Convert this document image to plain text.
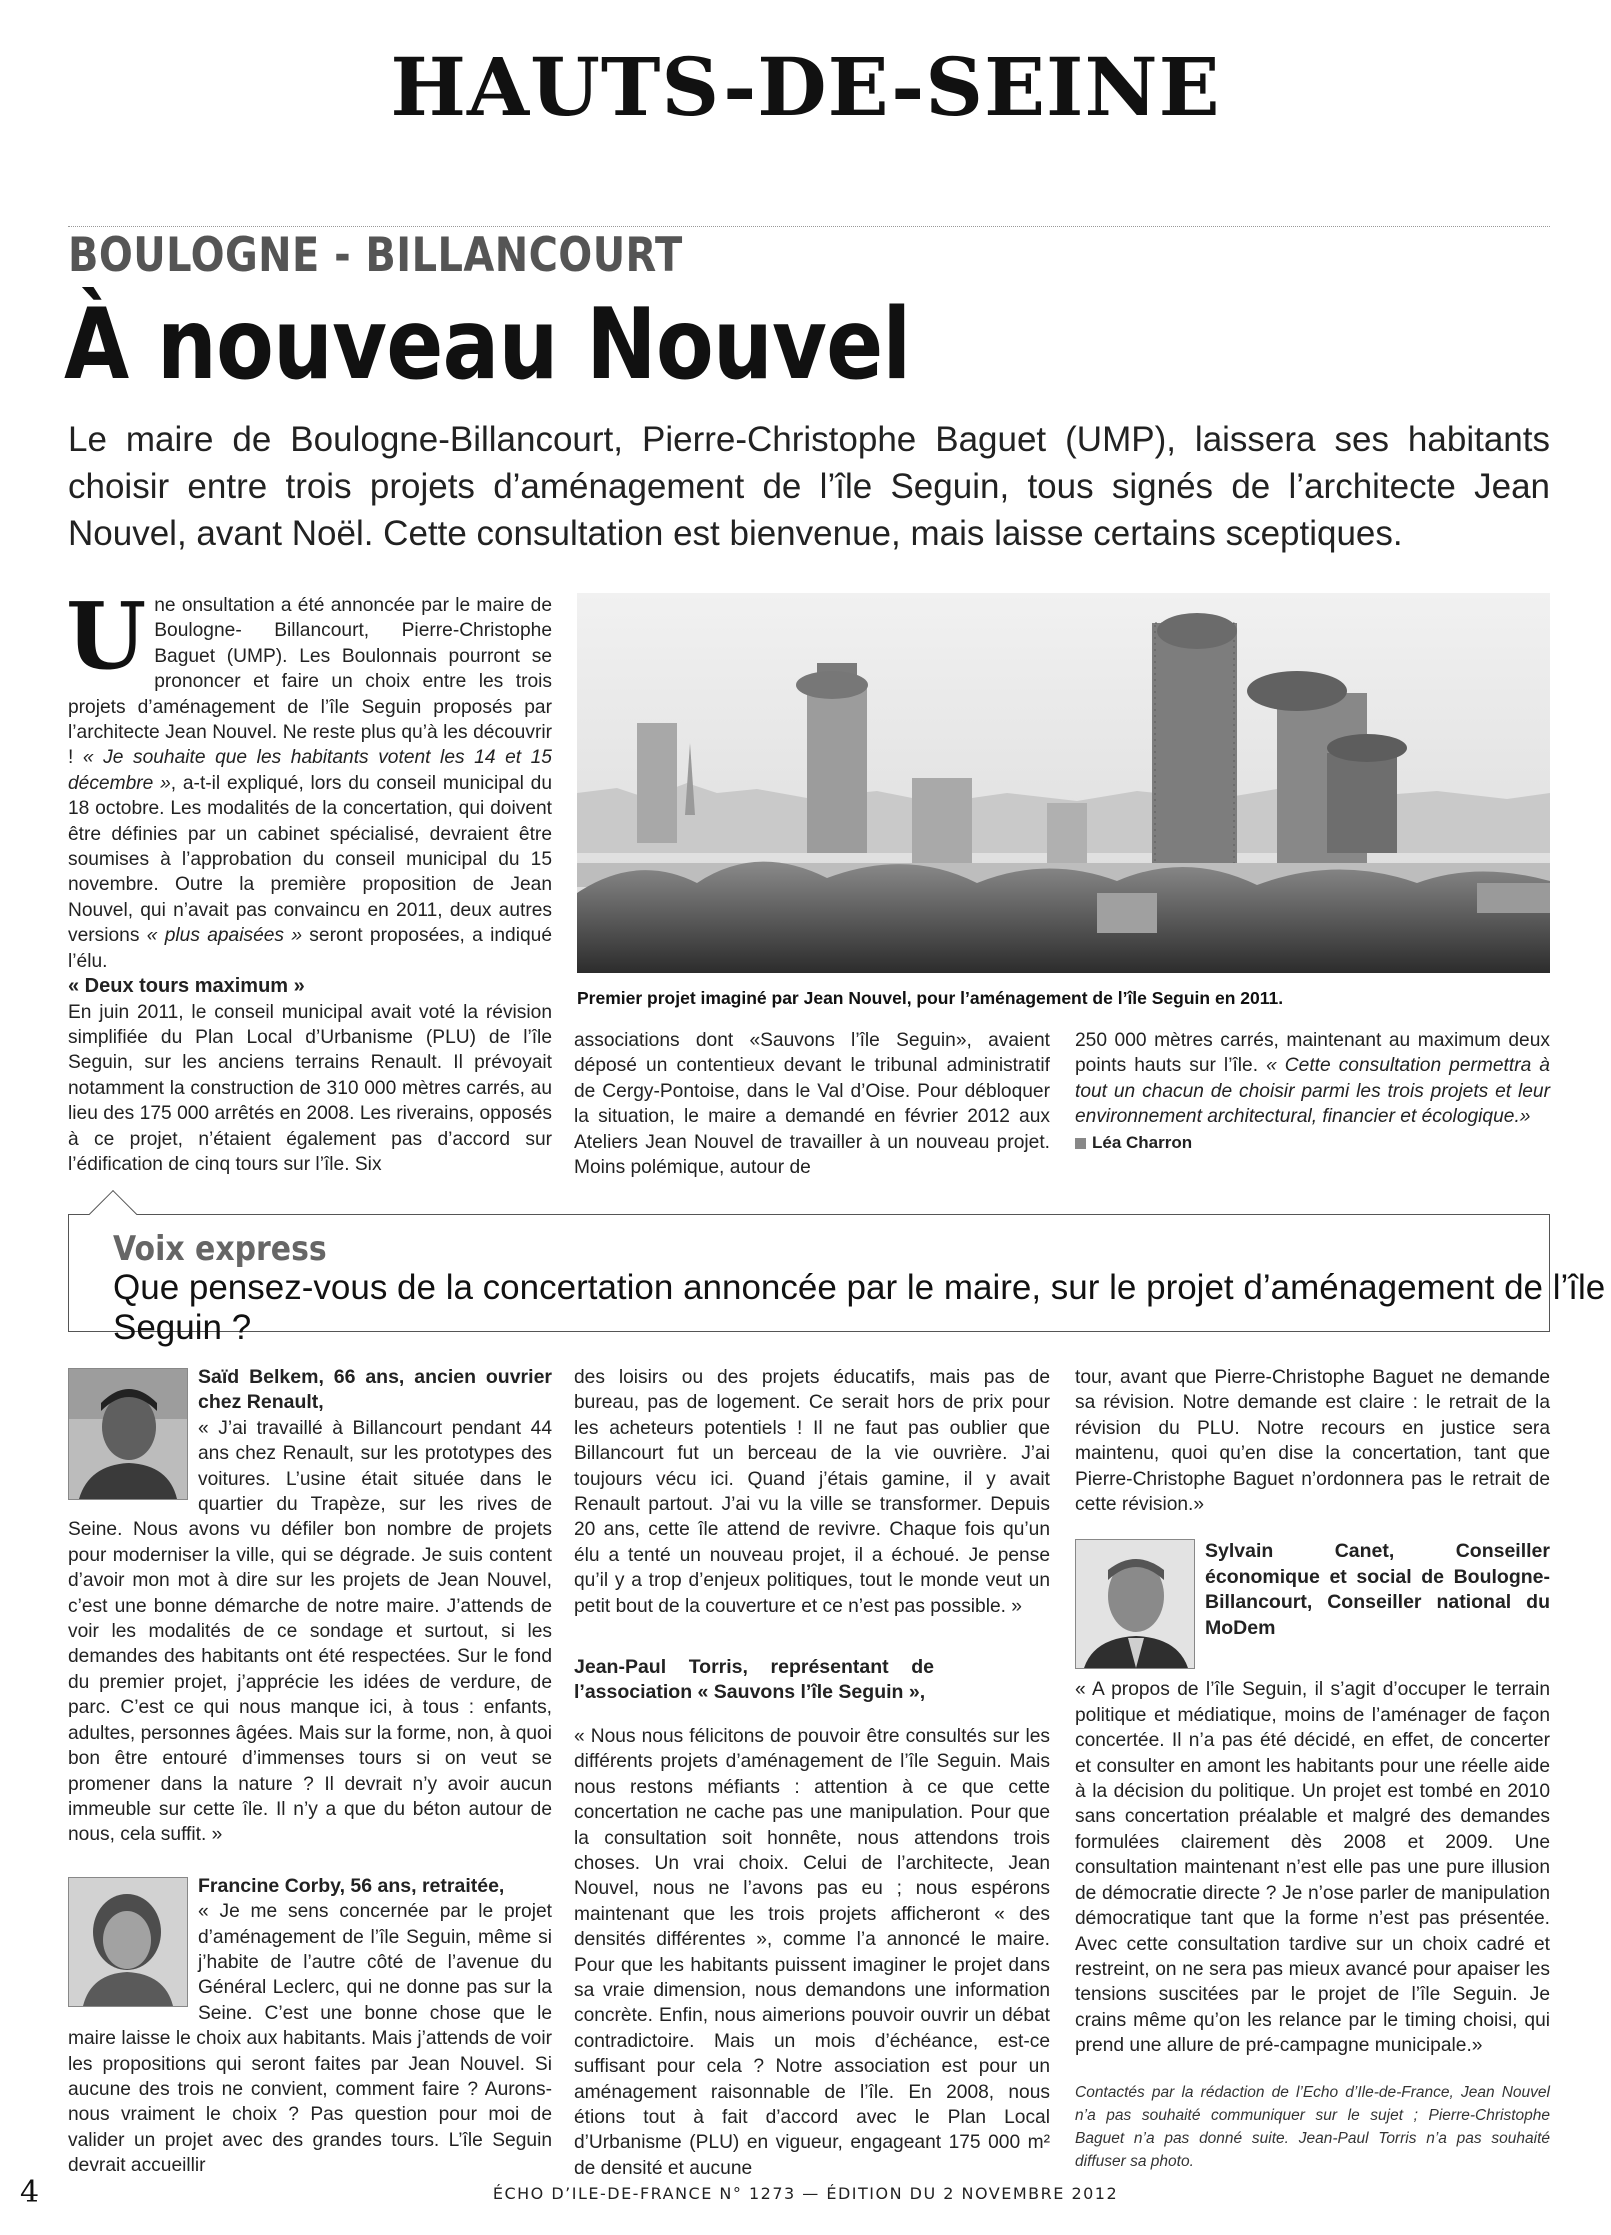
HAUTS-DE-SEINE
BOULOGNE - BILLANCOURT
À nouveau Nouvel
Le maire de Boulogne-Billancourt, Pierre-Christophe Baguet (UMP), laissera ses habitants choisir entre trois projets d’aménagement de l’île Seguin, tous signés de l’architecte Jean Nouvel, avant Noël. Cette consultation est bienvenue, mais laisse certains sceptiques.

Une onsultation a été annoncée par le maire de Boulogne- Billancourt, Pierre-Christophe Baguet (UMP). Les Boulonnais pourront se prononcer et faire un choix entre les trois projets d’aménagement de l’île Seguin proposés par l’architecte Jean Nouvel. Ne reste plus qu’à les découvrir ! « Je souhaite que les habitants votent les 14 et 15 décembre », a-t-il expliqué, lors du conseil municipal du 18 octobre. Les modalités de la concertation, qui doivent être définies par un cabinet spécialisé, devraient être soumises à l’approbation du conseil municipal du 15 novembre. Outre la première proposition de Jean Nouvel, qui n’avait pas convaincu en 2011, deux autres versions « plus apaisées » seront proposées, a indiqué l’élu.

« Deux tours maximum »

En juin 2011, le conseil municipal avait voté la révision simplifiée du Plan Local d’Urbanisme (PLU) de l’île Seguin, sur les anciens terrains Renault. Il prévoyait notamment la construction de 310 000 mètres carrés, au lieu des 175 000 arrêtés en 2008. Les riverains, opposés à ce projet, n’étaient également pas d’accord sur l’édification de cinq tours sur l’île. Six

Premier projet imaginé par Jean Nouvel, pour l’aménagement de l’île Seguin en 2011.

associations dont «Sauvons l’île Seguin», avaient déposé un contentieux devant le tribunal administratif de Cergy-Pontoise, dans le Val d’Oise. Pour débloquer la situation, le maire a demandé en février 2012 aux Ateliers Jean Nouvel de travailler à un nouveau projet. Moins polémique, autour de

250 000 mètres carrés, maintenant au maximum deux points hauts sur l’île. « Cette consultation permettra à tout un chacun de choisir parmi les trois projets et leur environnement architectural, financier et écologique.»

Léa Charron

Voix express
Que pensez-vous de la concertation annoncée par le maire, sur le projet d’aménagement de l’île Seguin ?

Saïd Belkem, 66 ans, ancien ouvrier chez Renault,

« J’ai travaillé à Billancourt pendant 44 ans chez Renault, sur les prototypes des voitures. L’usine était située dans le quartier du Trapèze, sur les rives de Seine. Nous avons vu défiler bon nombre de projets pour moderniser la ville, qui se dégrade. Je suis content d’avoir mon mot à dire sur les projets de Jean Nouvel, c’est une bonne démarche de notre maire. J’attends de voir les modalités de ce sondage et surtout, si les demandes des habitants ont été respectées. Sur le fond du premier projet, j’apprécie les idées de verdure, de parc. C’est ce qui nous manque ici, à tous : enfants, adultes, personnes âgées. Mais sur la forme, non, à quoi bon être entouré d’immenses tours si on veut se promener dans la nature ? Il devrait n’y avoir aucun immeuble sur cette île. Il n’y a que du béton autour de nous, cela suffit. »

Francine Corby, 56 ans, retraitée,

« Je me sens concernée par le projet d’aménagement de l’île Seguin, même si j’habite de l’autre côté de l’avenue du Général Leclerc, qui ne donne pas sur la Seine. C’est une bonne chose que le maire laisse le choix aux habitants. Mais j’attends de voir les propositions qui seront faites par Jean Nouvel. Si aucune des trois ne convient, comment faire ? Aurons-nous vraiment le choix ? Pas question pour moi de valider un projet avec des grandes tours. L’île Seguin devrait accueillir

des loisirs ou des projets éducatifs, mais pas de bureau, pas de logement. Ce serait hors de prix pour les acheteurs potentiels ! Il ne faut pas oublier que Billancourt fut un berceau de la vie ouvrière. J’ai toujours vécu ici. Quand j’étais gamine, il y avait Renault partout. J’ai vu la ville se transformer. Depuis 20 ans, cette île attend de revivre. Chaque fois qu’un élu a tenté un nouveau projet, il a échoué. Je pense qu’il y a trop d’enjeux politiques, tout le monde veut un petit bout de la couverture et ce n’est pas possible. »

Jean-Paul Torris, représentant de l’association « Sauvons l’île Seguin »,

« Nous nous félicitons de pouvoir être consultés sur les différents projets d’aménagement de l’île Seguin. Mais nous restons méfiants : attention à ce que cette concertation ne cache pas une manipulation. Pour que la consultation soit honnête, nous attendons trois choses. Un vrai choix. Celui de l’architecte, Jean Nouvel, nous ne l’avons pas eu ; nous espérons maintenant que les trois projets afficheront « des densités différentes », comme l’a annoncé le maire. Pour que les habitants puissent imaginer le projet dans sa vraie dimension, nous demandons une information concrète. Enfin, nous aimerions pouvoir ouvrir un débat contradictoire. Mais un mois d’échéance, est-ce suffisant pour cela ? Notre association est pour un aménagement raisonnable de l’île. En 2008, nous étions tout à fait d’accord avec le Plan Local d’Urbanisme (PLU) en vigueur, engageant 175 000 m² de densité et aucune

tour, avant que Pierre-Christophe Baguet ne demande sa révision. Notre demande est claire : le retrait de la révision du PLU. Notre recours en justice sera maintenu, quoi qu’en dise la concertation, tant que Pierre-Christophe Baguet n’ordonnera pas le retrait de cette révision.»

Sylvain Canet, Conseiller économique et social de Boulogne-Billancourt, Conseiller national du MoDem

« A propos de l’île Seguin, il s’agit d’occuper le terrain politique et médiatique, moins de l’aménager de façon concertée. Il n’a pas été décidé, en effet, de concerter et consulter en amont les habitants pour une réelle aide à la décision du politique. Un projet est tombé en 2010 sans concertation préalable et malgré des demandes formulées clairement dès 2008 et 2009. Une consultation maintenant n’est elle pas une pure illusion de démocratie directe ? Je n’ose parler de manipulation démocratique tant que la forme n’est pas présentée. Avec cette consultation tardive sur un choix cadré et restreint, on ne sera pas mieux avancé pour apaiser les tensions suscitées par le projet de l’île Seguin. Je crains même qu’on les relance par le timing choisi, qui prend une allure de pré-campagne municipale.»

Contactés par la rédaction de l’Echo d’Ile-de-France, Jean Nouvel n’a pas souhaité communiquer sur le sujet ; Pierre-Christophe Baguet n’a pas donné suite. Jean-Paul Torris n’a pas souhaité diffuser sa photo.

4	ÉCHO D’ILE-DE-FRANCE N° 1273 — ÉDITION DU 2 NOVEMBRE 2012
